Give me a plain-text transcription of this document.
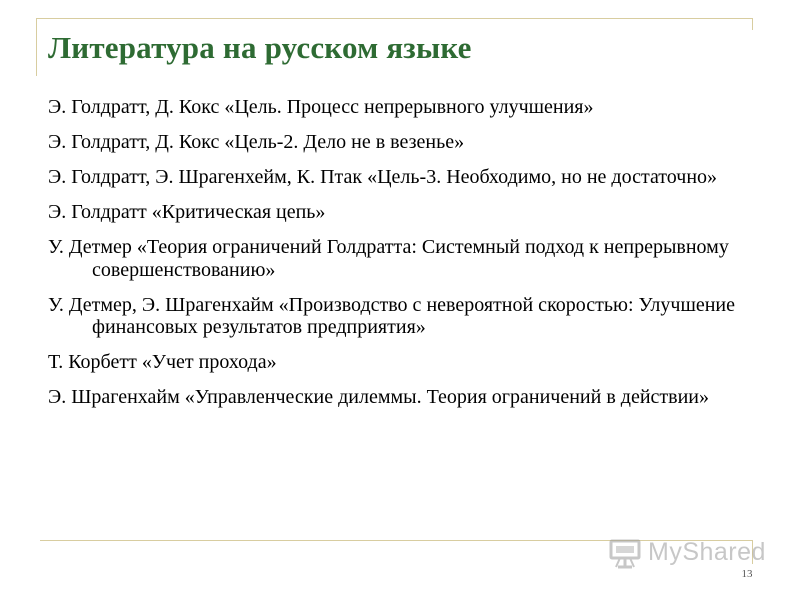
Литература на русском языке
Э. Голдратт, Д. Кокс «Цель. Процесс непрерывного улучшения»
Э. Голдратт, Д. Кокс «Цель-2. Дело не в везенье»
Э. Голдратт, Э. Шрагенхейм, К. Птак «Цель-3. Необходимо, но не достаточно»
Э. Голдратт «Критическая цепь»
У. Детмер «Теория ограничений Голдратта: Системный подход к непрерывному совершенствованию»
У. Детмер, Э. Шрагенхайм «Производство с невероятной скоростью: Улучшение финансовых результатов предприятия»
Т. Корбетт «Учет прохода»
Э. Шрагенхайм «Управленческие дилеммы. Теория ограничений в действии»
MyShared
13
